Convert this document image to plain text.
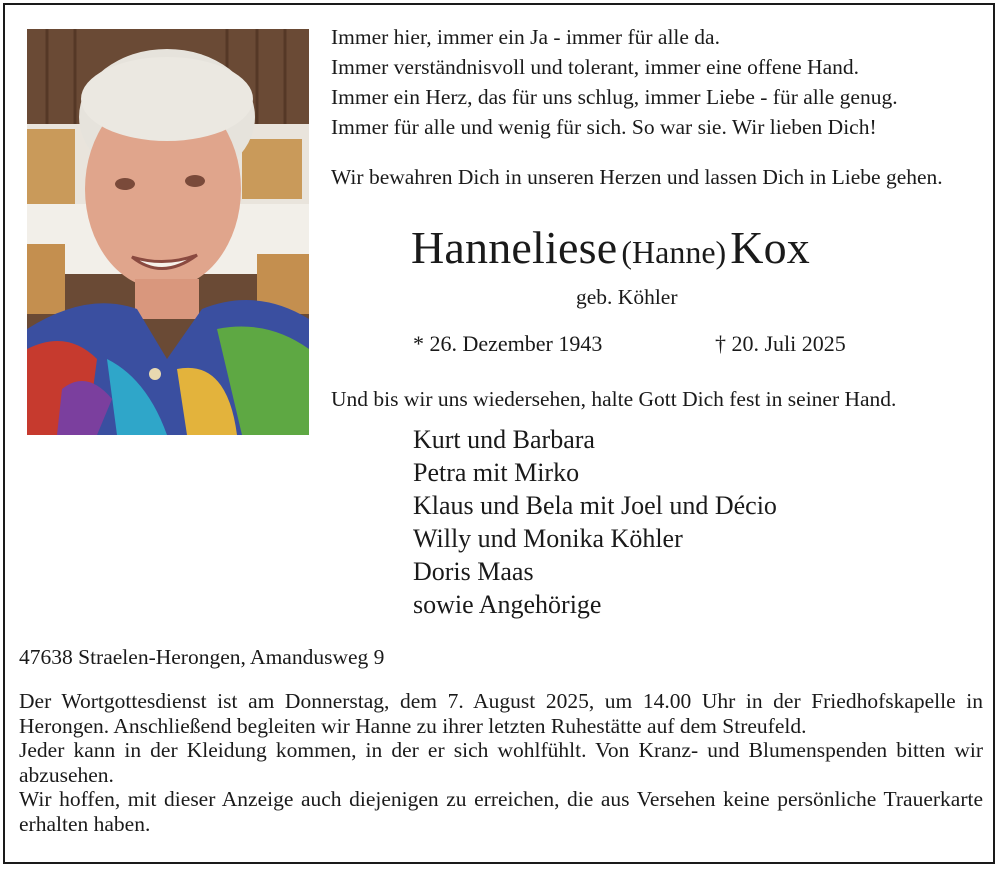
Immer hier, immer ein Ja - immer für alle da.
Immer verständnisvoll und tolerant, immer eine offene Hand.
Immer ein Herz, das für uns schlug, immer Liebe - für alle genug.
Immer für alle und wenig für sich. So war sie. Wir lieben Dich!
Wir bewahren Dich in unseren Herzen und lassen Dich in Liebe gehen.
Hanneliese (Hanne) Kox
geb. Köhler
* 26. Dezember 1943	† 20. Juli 2025
Und bis wir uns wiedersehen, halte Gott Dich fest in seiner Hand.
Kurt und Barbara
Petra mit Mirko
Klaus und Bela mit Joel und Décio
Willy und Monika Köhler
Doris Maas
sowie Angehörige
47638 Straelen-Herongen, Amandusweg 9
Der Wortgottesdienst ist am Donnerstag, dem 7. August 2025, um 14.00 Uhr in der Friedhofskapelle in Herongen. Anschließend begleiten wir Hanne zu ihrer letzten Ruhestätte auf dem Streufeld.
Jeder kann in der Kleidung kommen, in der er sich wohlfühlt. Von Kranz- und Blumenspenden bitten wir abzusehen.
Wir hoffen, mit dieser Anzeige auch diejenigen zu erreichen, die aus Versehen keine persönliche Trauerkarte erhalten haben.
